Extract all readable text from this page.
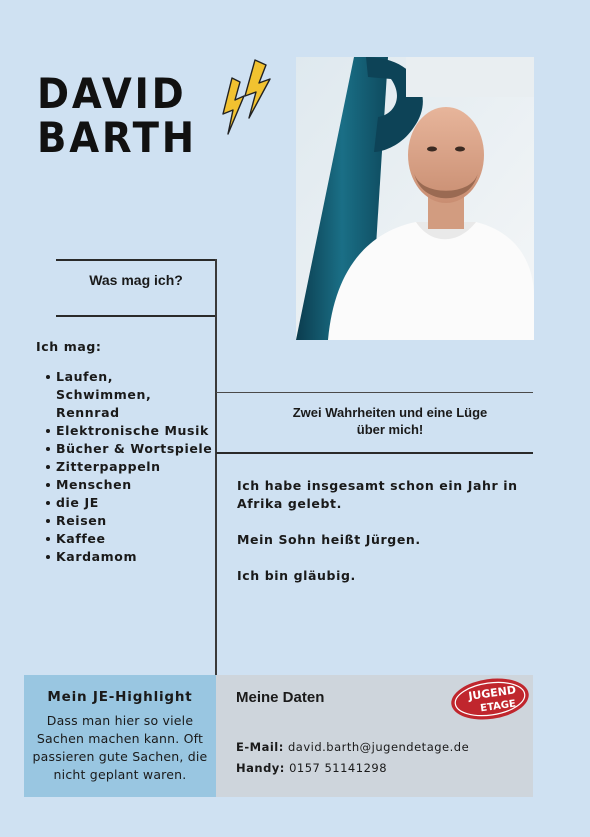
DAVID
BARTH
Was mag ich?
Ich mag:
Laufen, Schwimmen, Rennrad
Elektronische Musik
Bücher & Wortspiele
Zitterpappeln
Menschen
die JE
Reisen
Kaffee
Kardamom
Zwei Wahrheiten und eine Lüge
über mich!
Ich habe insgesamt schon ein Jahr in Afrika gelebt.
Mein Sohn heißt Jürgen.
Ich bin gläubig.
Mein JE-Highlight
Dass man hier so viele Sachen machen kann. Oft passieren gute Sachen, die nicht geplant waren.
Meine Daten
E-Mail: david.barth@jugendetage.de
Handy: 0157 51141298
JUGEND
ETAGE
